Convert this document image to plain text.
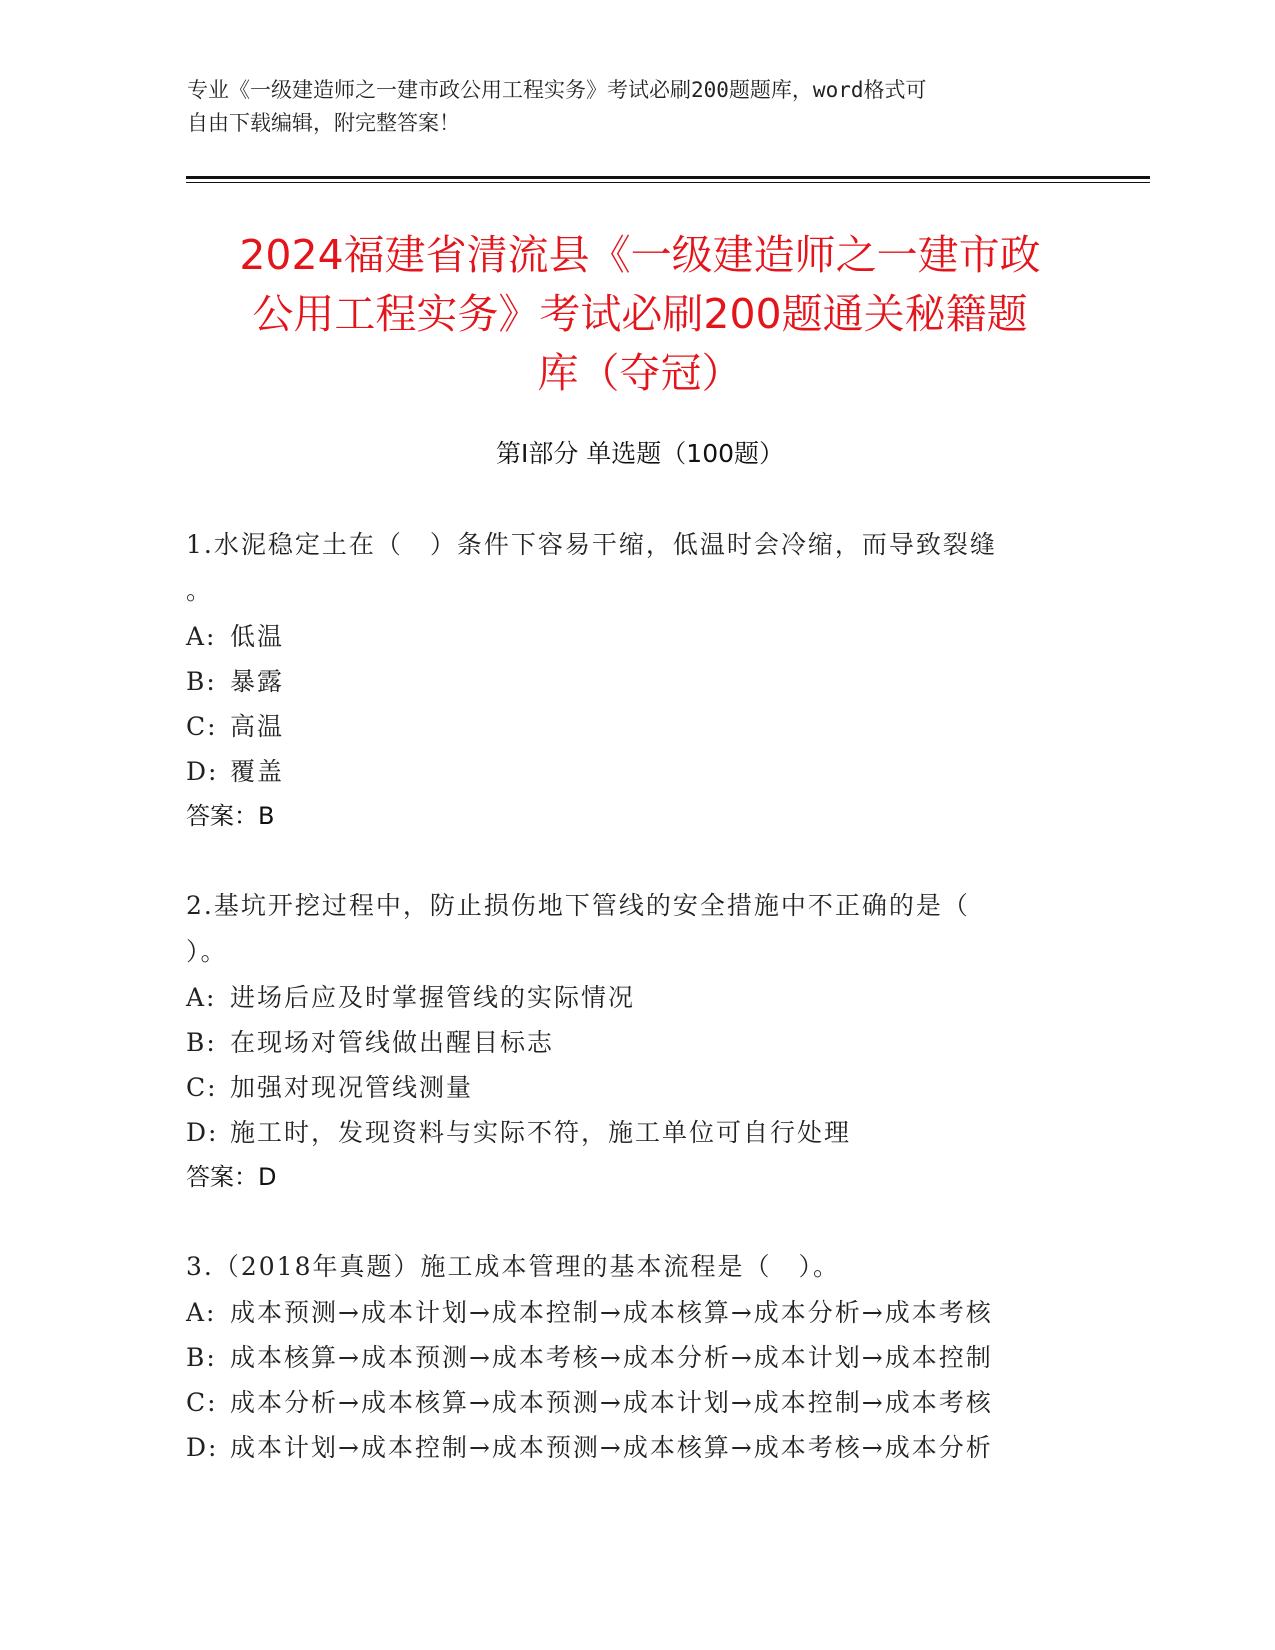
专业《一级建造师之一建市政公用工程实务》考试必刷200题题库，word格式可
自由下载编辑，附完整答案！
2024福建省清流县《一级建造师之一建市政
公用工程实务》考试必刷200题通关秘籍题
库（夺冠）
第Ⅰ部分 单选题（100题）
1.水泥稳定土在（　）条件下容易干缩，低温时会冷缩，而导致裂缝
。
A: 低温
B: 暴露
C: 高温
D: 覆盖
答案：B
2.基坑开挖过程中，防止损伤地下管线的安全措施中不正确的是（
）。
A: 进场后应及时掌握管线的实际情况
B: 在现场对管线做出醒目标志
C: 加强对现况管线测量
D: 施工时，发现资料与实际不符，施工单位可自行处理
答案：D
3.（2018年真题）施工成本管理的基本流程是（　）。
A: 成本预测→成本计划→成本控制→成本核算→成本分析→成本考核
B: 成本核算→成本预测→成本考核→成本分析→成本计划→成本控制
C: 成本分析→成本核算→成本预测→成本计划→成本控制→成本考核
D: 成本计划→成本控制→成本预测→成本核算→成本考核→成本分析
